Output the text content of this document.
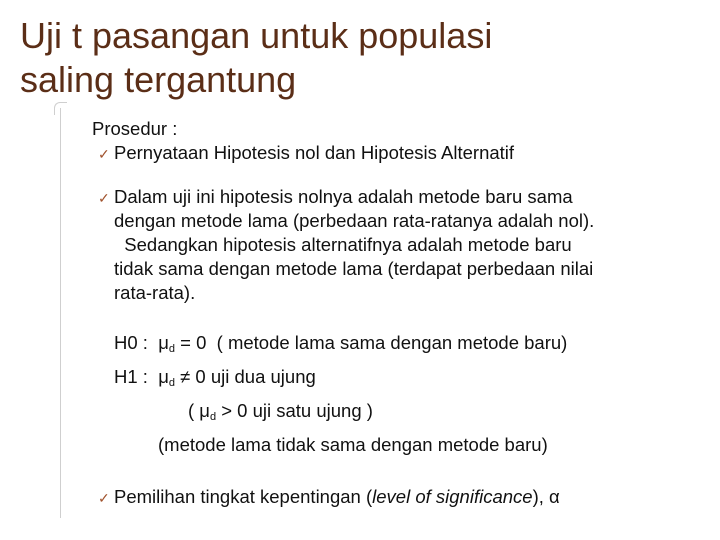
Uji t pasangan untuk populasi
saling tergantung
Prosedur :
✓ Pernyataan Hipotesis nol dan Hipotesis Alternatif
✓ Dalam uji ini hipotesis nolnya adalah metode baru sama
dengan metode lama (perbedaan rata-ratanya adalah nol).
Sedangkan hipotesis alternatifnya adalah metode baru
tidak sama dengan metode lama (terdapat perbedaan nilai
rata-rata).
H0 :  $\mu_d = 0$  ( metode lama sama dengan metode baru)
H1 :  $\mu_d \ne 0$ uji dua ujung
( $\mu_d > 0$ uji satu ujung )
(metode lama tidak sama dengan metode baru)
✓ Pemilihan tingkat kepentingan (level of significance), α
